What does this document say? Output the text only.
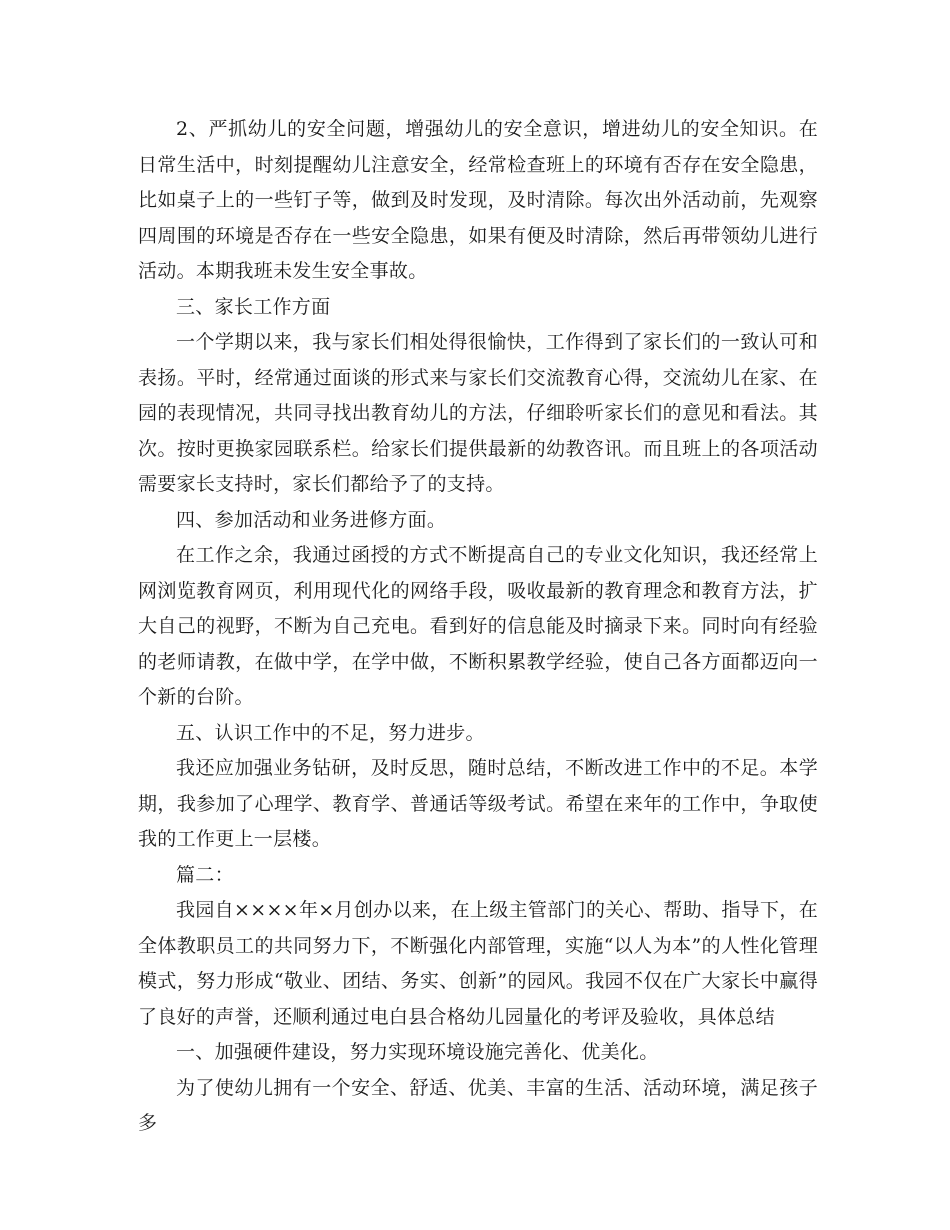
2、严抓幼儿的安全问题，增强幼儿的安全意识，增进幼儿的安全知识。在日常生活中，时刻提醒幼儿注意安全，经常检查班上的环境有否存在安全隐患，比如桌子上的一些钉子等，做到及时发现，及时清除。每次出外活动前，先观察四周围的环境是否存在一些安全隐患，如果有便及时清除，然后再带领幼儿进行活动。本期我班未发生安全事故。

三、家长工作方面

一个学期以来，我与家长们相处得很愉快，工作得到了家长们的一致认可和表扬。平时，经常通过面谈的形式来与家长们交流教育心得，交流幼儿在家、在园的表现情况，共同寻找出教育幼儿的方法，仔细聆听家长们的意见和看法。其次。按时更换家园联系栏。给家长们提供最新的幼教咨讯。而且班上的各项活动需要家长支持时，家长们都给予了的支持。

四、参加活动和业务进修方面。

在工作之余，我通过函授的方式不断提高自己的专业文化知识，我还经常上网浏览教育网页，利用现代化的网络手段，吸收最新的教育理念和教育方法，扩大自己的视野，不断为自己充电。看到好的信息能及时摘录下来。同时向有经验的老师请教，在做中学，在学中做，不断积累教学经验，使自己各方面都迈向一个新的台阶。

五、认识工作中的不足，努力进步。

我还应加强业务钻研，及时反思，随时总结，不断改进工作中的不足。本学期，我参加了心理学、教育学、普通话等级考试。希望在来年的工作中，争取使我的工作更上一层楼。

篇二：

我园自××××年×月创办以来，在上级主管部门的关心、帮助、指导下，在全体教职员工的共同努力下，不断强化内部管理，实施“以人为本”的人性化管理模式，努力形成“敬业、团结、务实、创新”的园风。我园不仅在广大家长中赢得了良好的声誉，还顺利通过电白县合格幼儿园量化的考评及验收，具体总结

一、加强硬件建设，努力实现环境设施完善化、优美化。

为了使幼儿拥有一个安全、舒适、优美、丰富的生活、活动环境，满足孩子多
